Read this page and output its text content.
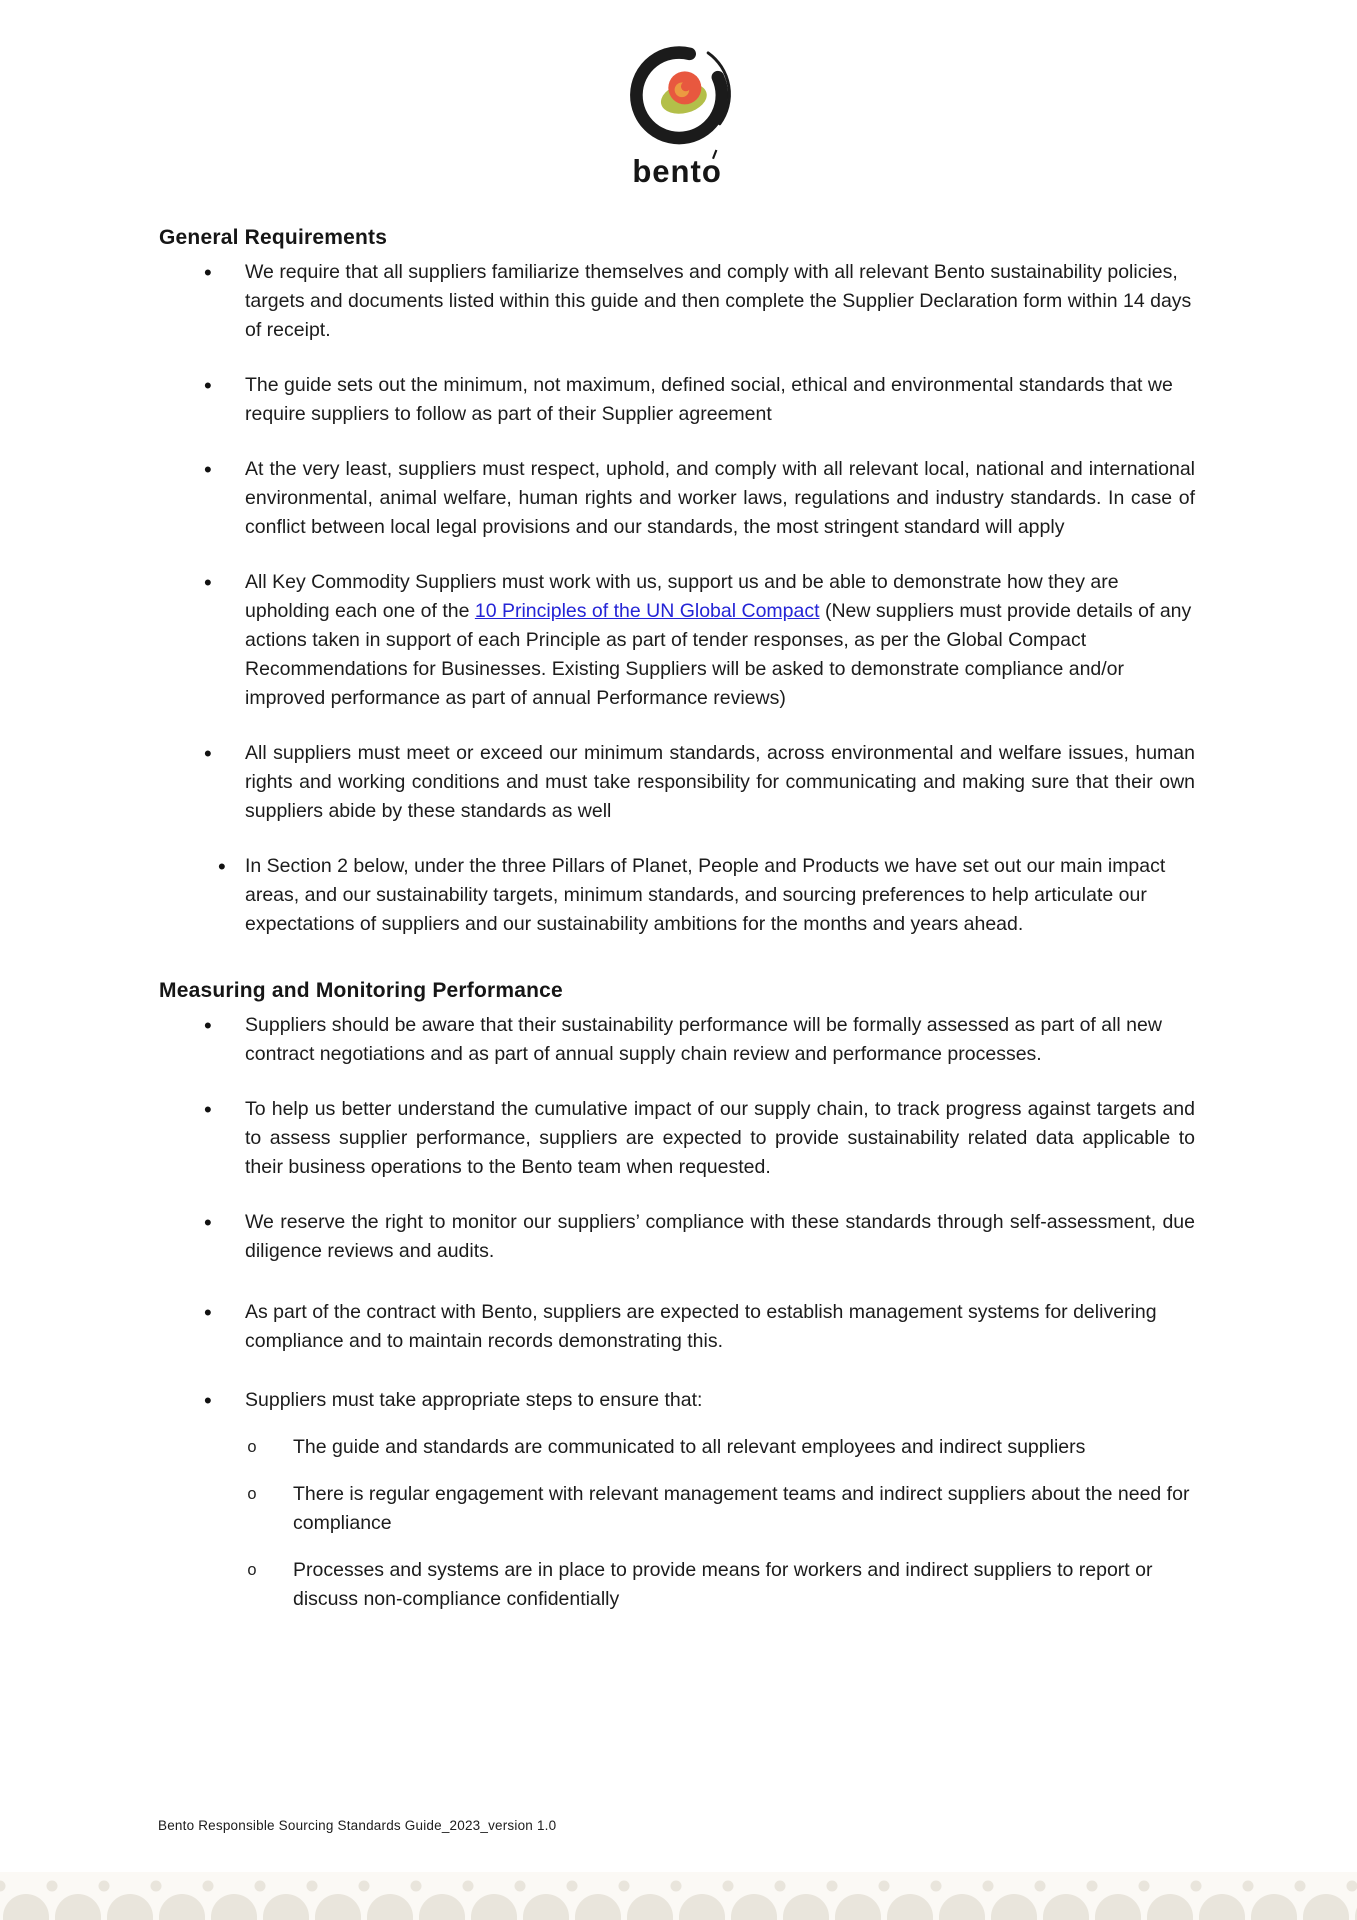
bento
General Requirements
• We require that all suppliers familiarize themselves and comply with all relevant Bento sustainability policies, targets and documents listed within this guide and then complete the Supplier Declaration form within 14 days of receipt.
• The guide sets out the minimum, not maximum, defined social, ethical and environmental standards that we require suppliers to follow as part of their Supplier agreement
• At the very least, suppliers must respect, uphold, and comply with all relevant local, national and international environmental, animal welfare, human rights and worker laws, regulations and industry standards. In case of conflict between local legal provisions and our standards, the most stringent standard will apply
• All Key Commodity Suppliers must work with us, support us and be able to demonstrate how they are upholding each one of the 10 Principles of the UN Global Compact (New suppliers must provide details of any actions taken in support of each Principle as part of tender responses, as per the Global Compact Recommendations for Businesses. Existing Suppliers will be asked to demonstrate compliance and/or improved performance as part of annual Performance reviews)
• All suppliers must meet or exceed our minimum standards, across environmental and welfare issues, human rights and working conditions and must take responsibility for communicating and making sure that their own suppliers abide by these standards as well
• In Section 2 below, under the three Pillars of Planet, People and Products we have set out our main impact areas, and our sustainability targets, minimum standards, and sourcing preferences to help articulate our expectations of suppliers and our sustainability ambitions for the months and years ahead.
Measuring and Monitoring Performance
• Suppliers should be aware that their sustainability performance will be formally assessed as part of all new contract negotiations and as part of annual supply chain review and performance processes.
• To help us better understand the cumulative impact of our supply chain, to track progress against targets and to assess supplier performance, suppliers are expected to provide sustainability related data applicable to their business operations to the Bento team when requested.
• We reserve the right to monitor our suppliers’ compliance with these standards through self-assessment, due diligence reviews and audits.
• As part of the contract with Bento, suppliers are expected to establish management systems for delivering compliance and to maintain records demonstrating this.
• Suppliers must take appropriate steps to ensure that:
o The guide and standards are communicated to all relevant employees and indirect suppliers
o There is regular engagement with relevant management teams and indirect suppliers about the need for compliance
o Processes and systems are in place to provide means for workers and indirect suppliers to report or discuss non-compliance confidentially
Bento Responsible Sourcing Standards Guide_2023_version 1.0
